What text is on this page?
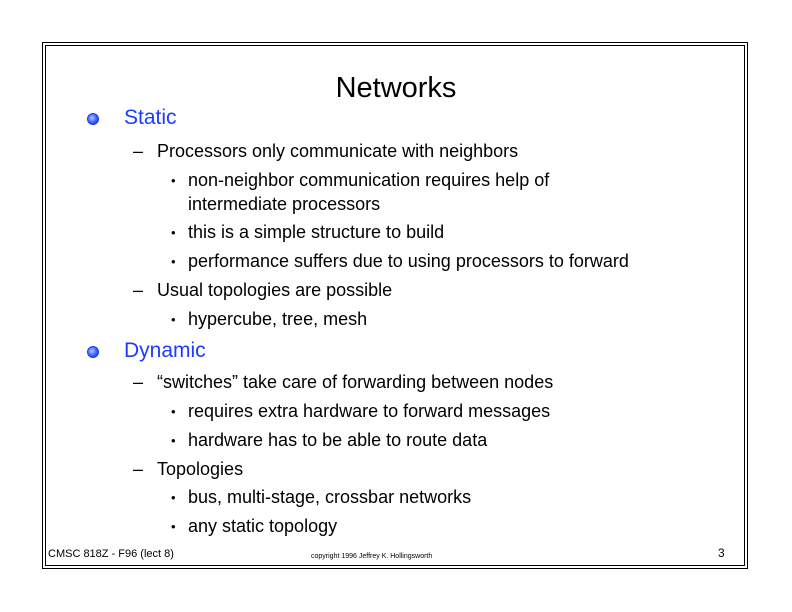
Networks
Static
– Processors only communicate with neighbors
• non-neighbor communication requires help of
intermediate processors
• this is a simple structure to build
• performance suffers due to using processors to forward
– Usual topologies are possible
• hypercube, tree, mesh
Dynamic
– “switches” take care of forwarding between nodes
• requires extra hardware to forward messages
• hardware has to be able to route data
– Topologies
• bus, multi-stage, crossbar networks
• any static topology
CMSC 818Z - F96 (lect 8)	copyright 1996 Jeffrey K. Hollingsworth	3
